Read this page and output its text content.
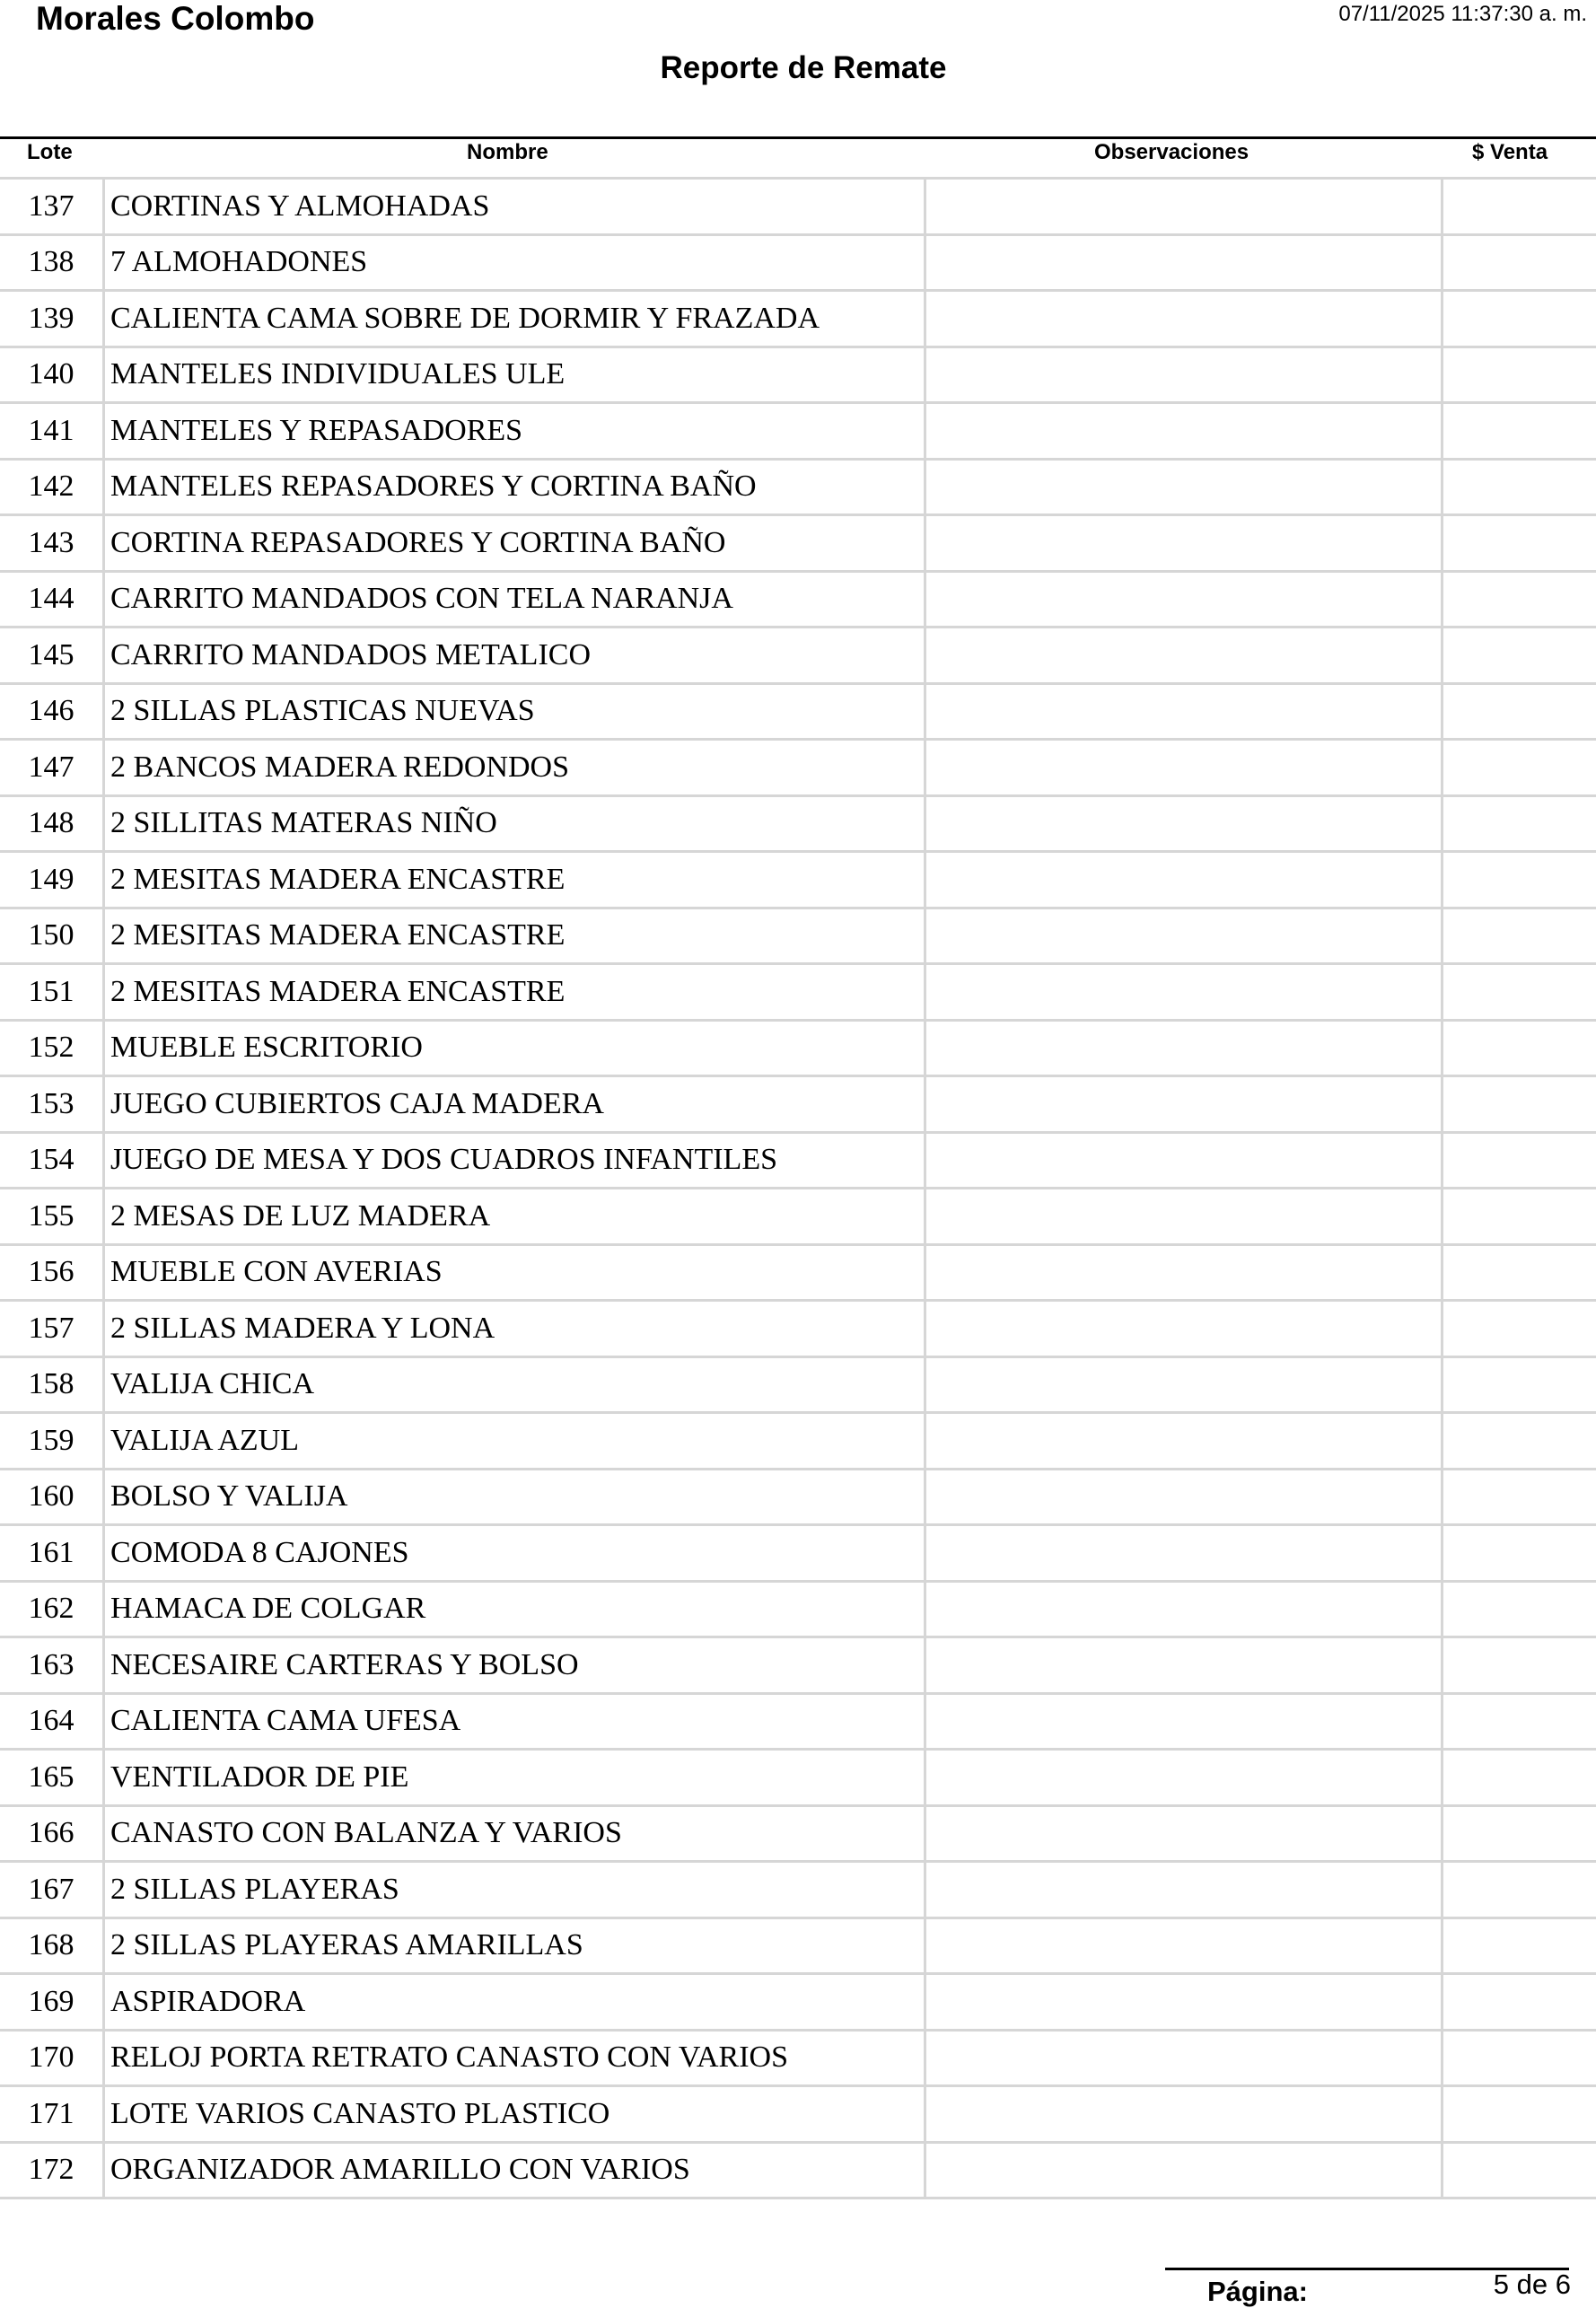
Morales Colombo	07/11/2025 11:37:30 a. m.
Reporte de Remate
Lote	Nombre	Observaciones	$ Venta
137	CORTINAS Y ALMOHADAS		
138	7 ALMOHADONES		
139	CALIENTA CAMA SOBRE DE DORMIR Y FRAZADA		
140	MANTELES INDIVIDUALES ULE		
141	MANTELES Y REPASADORES		
142	MANTELES REPASADORES Y CORTINA BAÑO		
143	CORTINA REPASADORES Y CORTINA BAÑO		
144	CARRITO MANDADOS CON TELA NARANJA		
145	CARRITO MANDADOS METALICO		
146	2 SILLAS PLASTICAS NUEVAS		
147	2 BANCOS MADERA REDONDOS		
148	2 SILLITAS MATERAS NIÑO		
149	2 MESITAS MADERA ENCASTRE		
150	2 MESITAS MADERA ENCASTRE		
151	2 MESITAS MADERA ENCASTRE		
152	MUEBLE ESCRITORIO		
153	JUEGO CUBIERTOS CAJA MADERA		
154	JUEGO DE MESA Y DOS CUADROS INFANTILES		
155	2 MESAS DE LUZ MADERA		
156	MUEBLE CON AVERIAS		
157	2 SILLAS MADERA Y LONA		
158	VALIJA CHICA		
159	VALIJA AZUL		
160	BOLSO Y VALIJA		
161	COMODA 8 CAJONES		
162	HAMACA DE COLGAR		
163	NECESAIRE CARTERAS Y BOLSO		
164	CALIENTA CAMA UFESA		
165	VENTILADOR DE PIE		
166	CANASTO CON BALANZA Y VARIOS		
167	2 SILLAS PLAYERAS		
168	2 SILLAS PLAYERAS AMARILLAS		
169	ASPIRADORA		
170	RELOJ PORTA RETRATO CANASTO CON VARIOS		
171	LOTE VARIOS CANASTO PLASTICO		
172	ORGANIZADOR AMARILLO CON VARIOS		
Página:	5 de 6
